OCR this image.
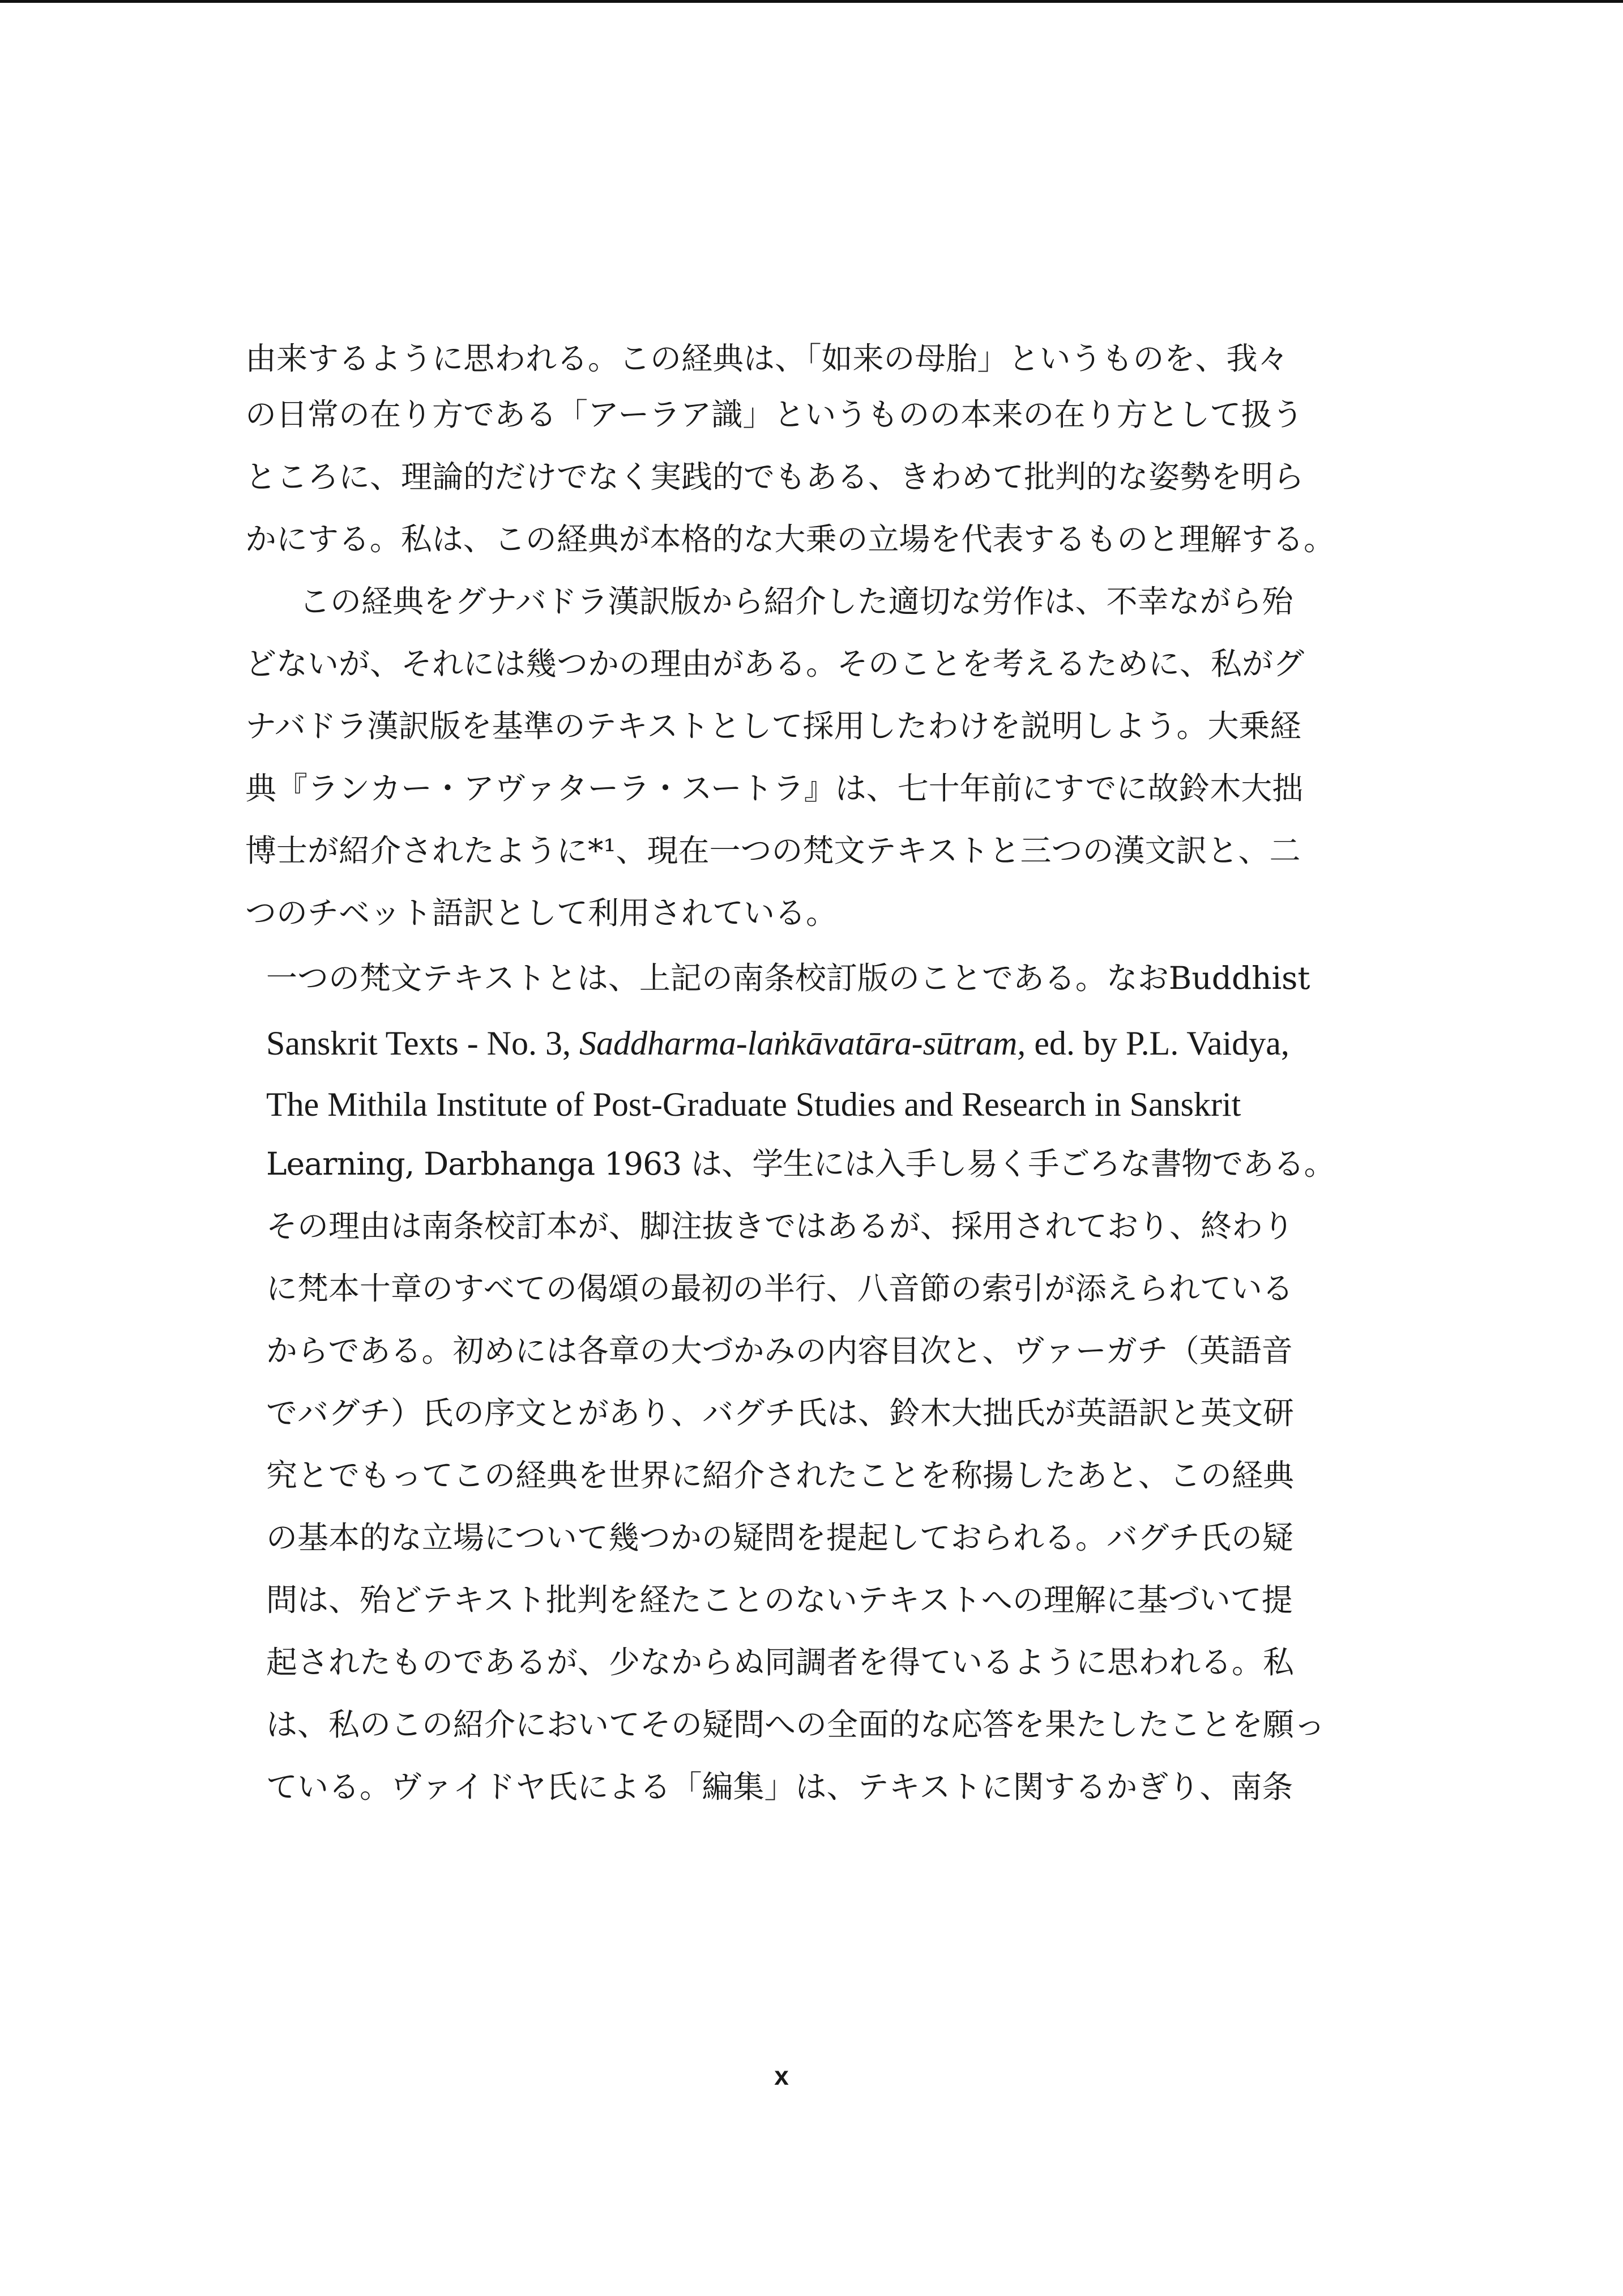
由来するように思われる。この経典は、「如来の母胎」というものを、我々
の日常の在り方である「アーラア識」というものの本来の在り方として扱う
ところに、理論的だけでなく実践的でもある、きわめて批判的な姿勢を明ら
かにする。私は、この経典が本格的な大乗の立場を代表するものと理解する。
この経典をグナバドラ漢訳版から紹介した適切な労作は、不幸ながら殆
どないが、それには幾つかの理由がある。そのことを考えるために、私がグ
ナバドラ漢訳版を基準のテキストとして採用したわけを説明しよう。大乗経
典『ランカー・アヴァターラ・スートラ』は、七十年前にすでに故鈴木大拙
博士が紹介されたように*¹、現在一つの梵文テキストと三つの漢文訳と、二
つのチベット語訳として利用されている。
一つの梵文テキストとは、上記の南条校訂版のことである。なおBuddhist
Sanskrit Texts - No. 3, Saddharma-laṅkāvatāra-sūtram, ed. by P.L. Vaidya,
The Mithila Institute of Post-Graduate Studies and Research in Sanskrit
Learning, Darbhanga 1963 は、学生には入手し易く手ごろな書物である。
その理由は南条校訂本が、脚注抜きではあるが、採用されており、終わり
に梵本十章のすべての偈頌の最初の半行、八音節の索引が添えられている
からである。初めには各章の大づかみの内容目次と、ヴァーガチ（英語音
でバグチ）氏の序文とがあり、バグチ氏は、鈴木大拙氏が英語訳と英文研
究とでもってこの経典を世界に紹介されたことを称揚したあと、この経典
の基本的な立場について幾つかの疑問を提起しておられる。バグチ氏の疑
問は、殆どテキスト批判を経たことのないテキストへの理解に基づいて提
起されたものであるが、少なからぬ同調者を得ているように思われる。私
は、私のこの紹介においてその疑問への全面的な応答を果たしたことを願っ
ている。ヴァイドヤ氏による「編集」は、テキストに関するかぎり、南条
x
